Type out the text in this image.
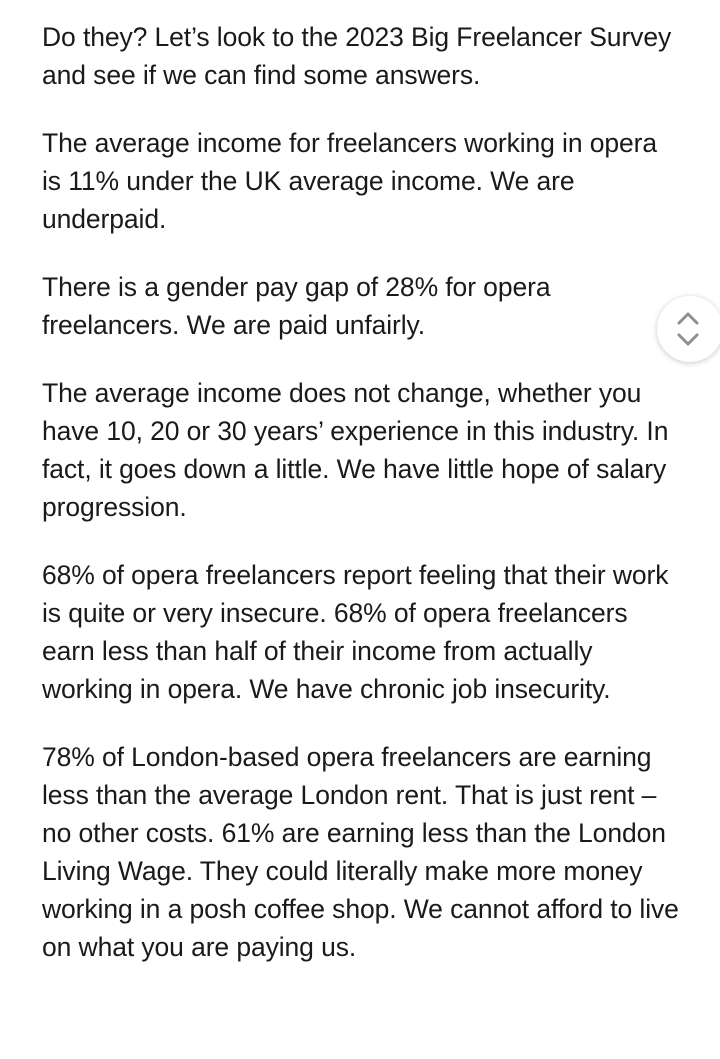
Do they? Let’s look to the 2023 Big Freelancer Survey and see if we can find some answers.

The average income for freelancers working in opera is 11% under the UK average income. We are underpaid.

There is a gender pay gap of 28% for opera freelancers. We are paid unfairly.

The average income does not change, whether you have 10, 20 or 30 years’ experience in this industry. In fact, it goes down a little. We have little hope of salary progression.

68% of opera freelancers report feeling that their work is quite or very insecure. 68% of opera freelancers earn less than half of their income from actually working in opera. We have chronic job insecurity.

78% of London-based opera freelancers are earning less than the average London rent. That is just rent – no other costs. 61% are earning less than the London Living Wage. They could literally make more money working in a posh coffee shop. We cannot afford to live on what you are paying us.
